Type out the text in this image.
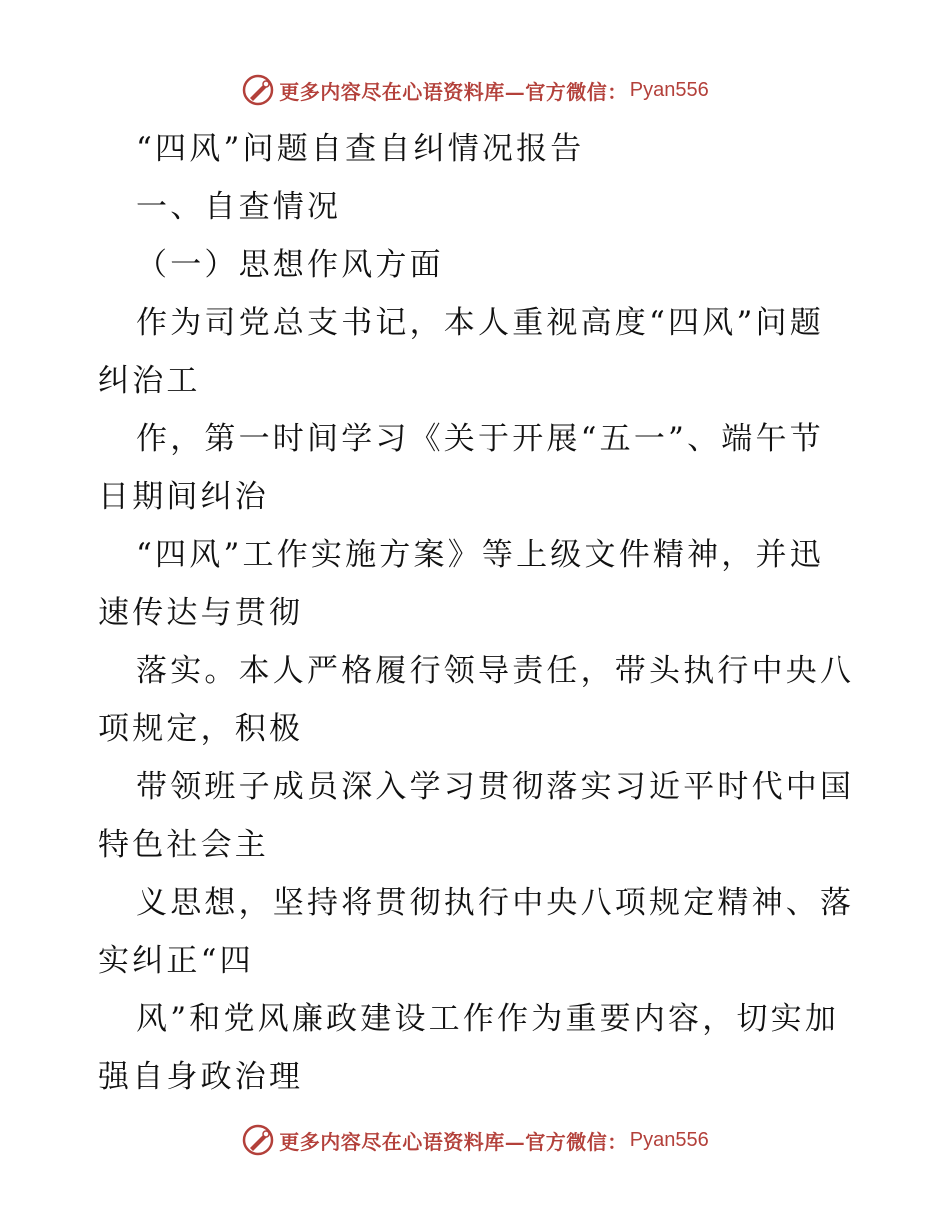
更多内容尽在心语资料库—官方微信： Pyan556
“四风”问题自查自纠情况报告
一、自查情况
（一）思想作风方面
作为司党总支书记，本人重视高度“四风”问题
纠治工
作，第一时间学习《关于开展“五一”、端午节
日期间纠治
“四风”工作实施方案》等上级文件精神，并迅
速传达与贯彻
落实。本人严格履行领导责任，带头执行中央八
项规定，积极
带领班子成员深入学习贯彻落实习近平时代中国
特色社会主
义思想，坚持将贯彻执行中央八项规定精神、落
实纠正“四
风”和党风廉政建设工作作为重要内容，切实加
强自身政治理
更多内容尽在心语资料库—官方微信： Pyan556
